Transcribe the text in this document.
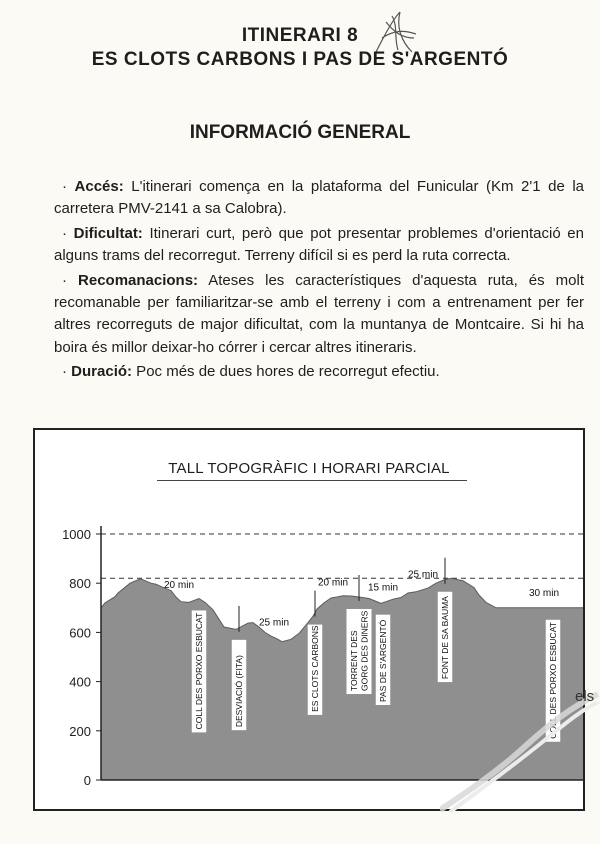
ITINERARI 8
ES CLOTS CARBONS I PAS DE S'ARGENTÓ
INFORMACIÓ GENERAL

· Accés: L'itinerari comença en la plataforma del Funicular (Km 2'1 de la carretera PMV-2141 a sa Calobra).

· Dificultat: Itinerari curt, però que pot presentar problemes d'orientació en alguns trams del recorregut. Terreny difícil si es perd la ruta correcta.

· Recomanacions: Ateses les característiques d'aquesta ruta, és molt recomanable per familiaritzar-se amb el terreny i com a entrenament per fer altres recorreguts de major dificultat, com la muntanya de Montcaire. Si hi ha boira és millor deixar-ho córrer i cercar altres itineraris.

· Duració: Poc més de dues hores de recorregut efectiu.

TALL TOPOGRÀFIC I HORARI PARCIAL
1000
800
600
400
200
0
20 min
25 min
20 min 15 min
25 min
30 min
COLL DES PORXO ESBUCAT	DESVIACIÓ (FITA)	ES CLOTS CARBONS	TORRENT DES GORG DES DINERS PAS DE S'ARGENTÓ	FONT DE SA BAUMA	COLL DES PORXO ESBUCAT els
